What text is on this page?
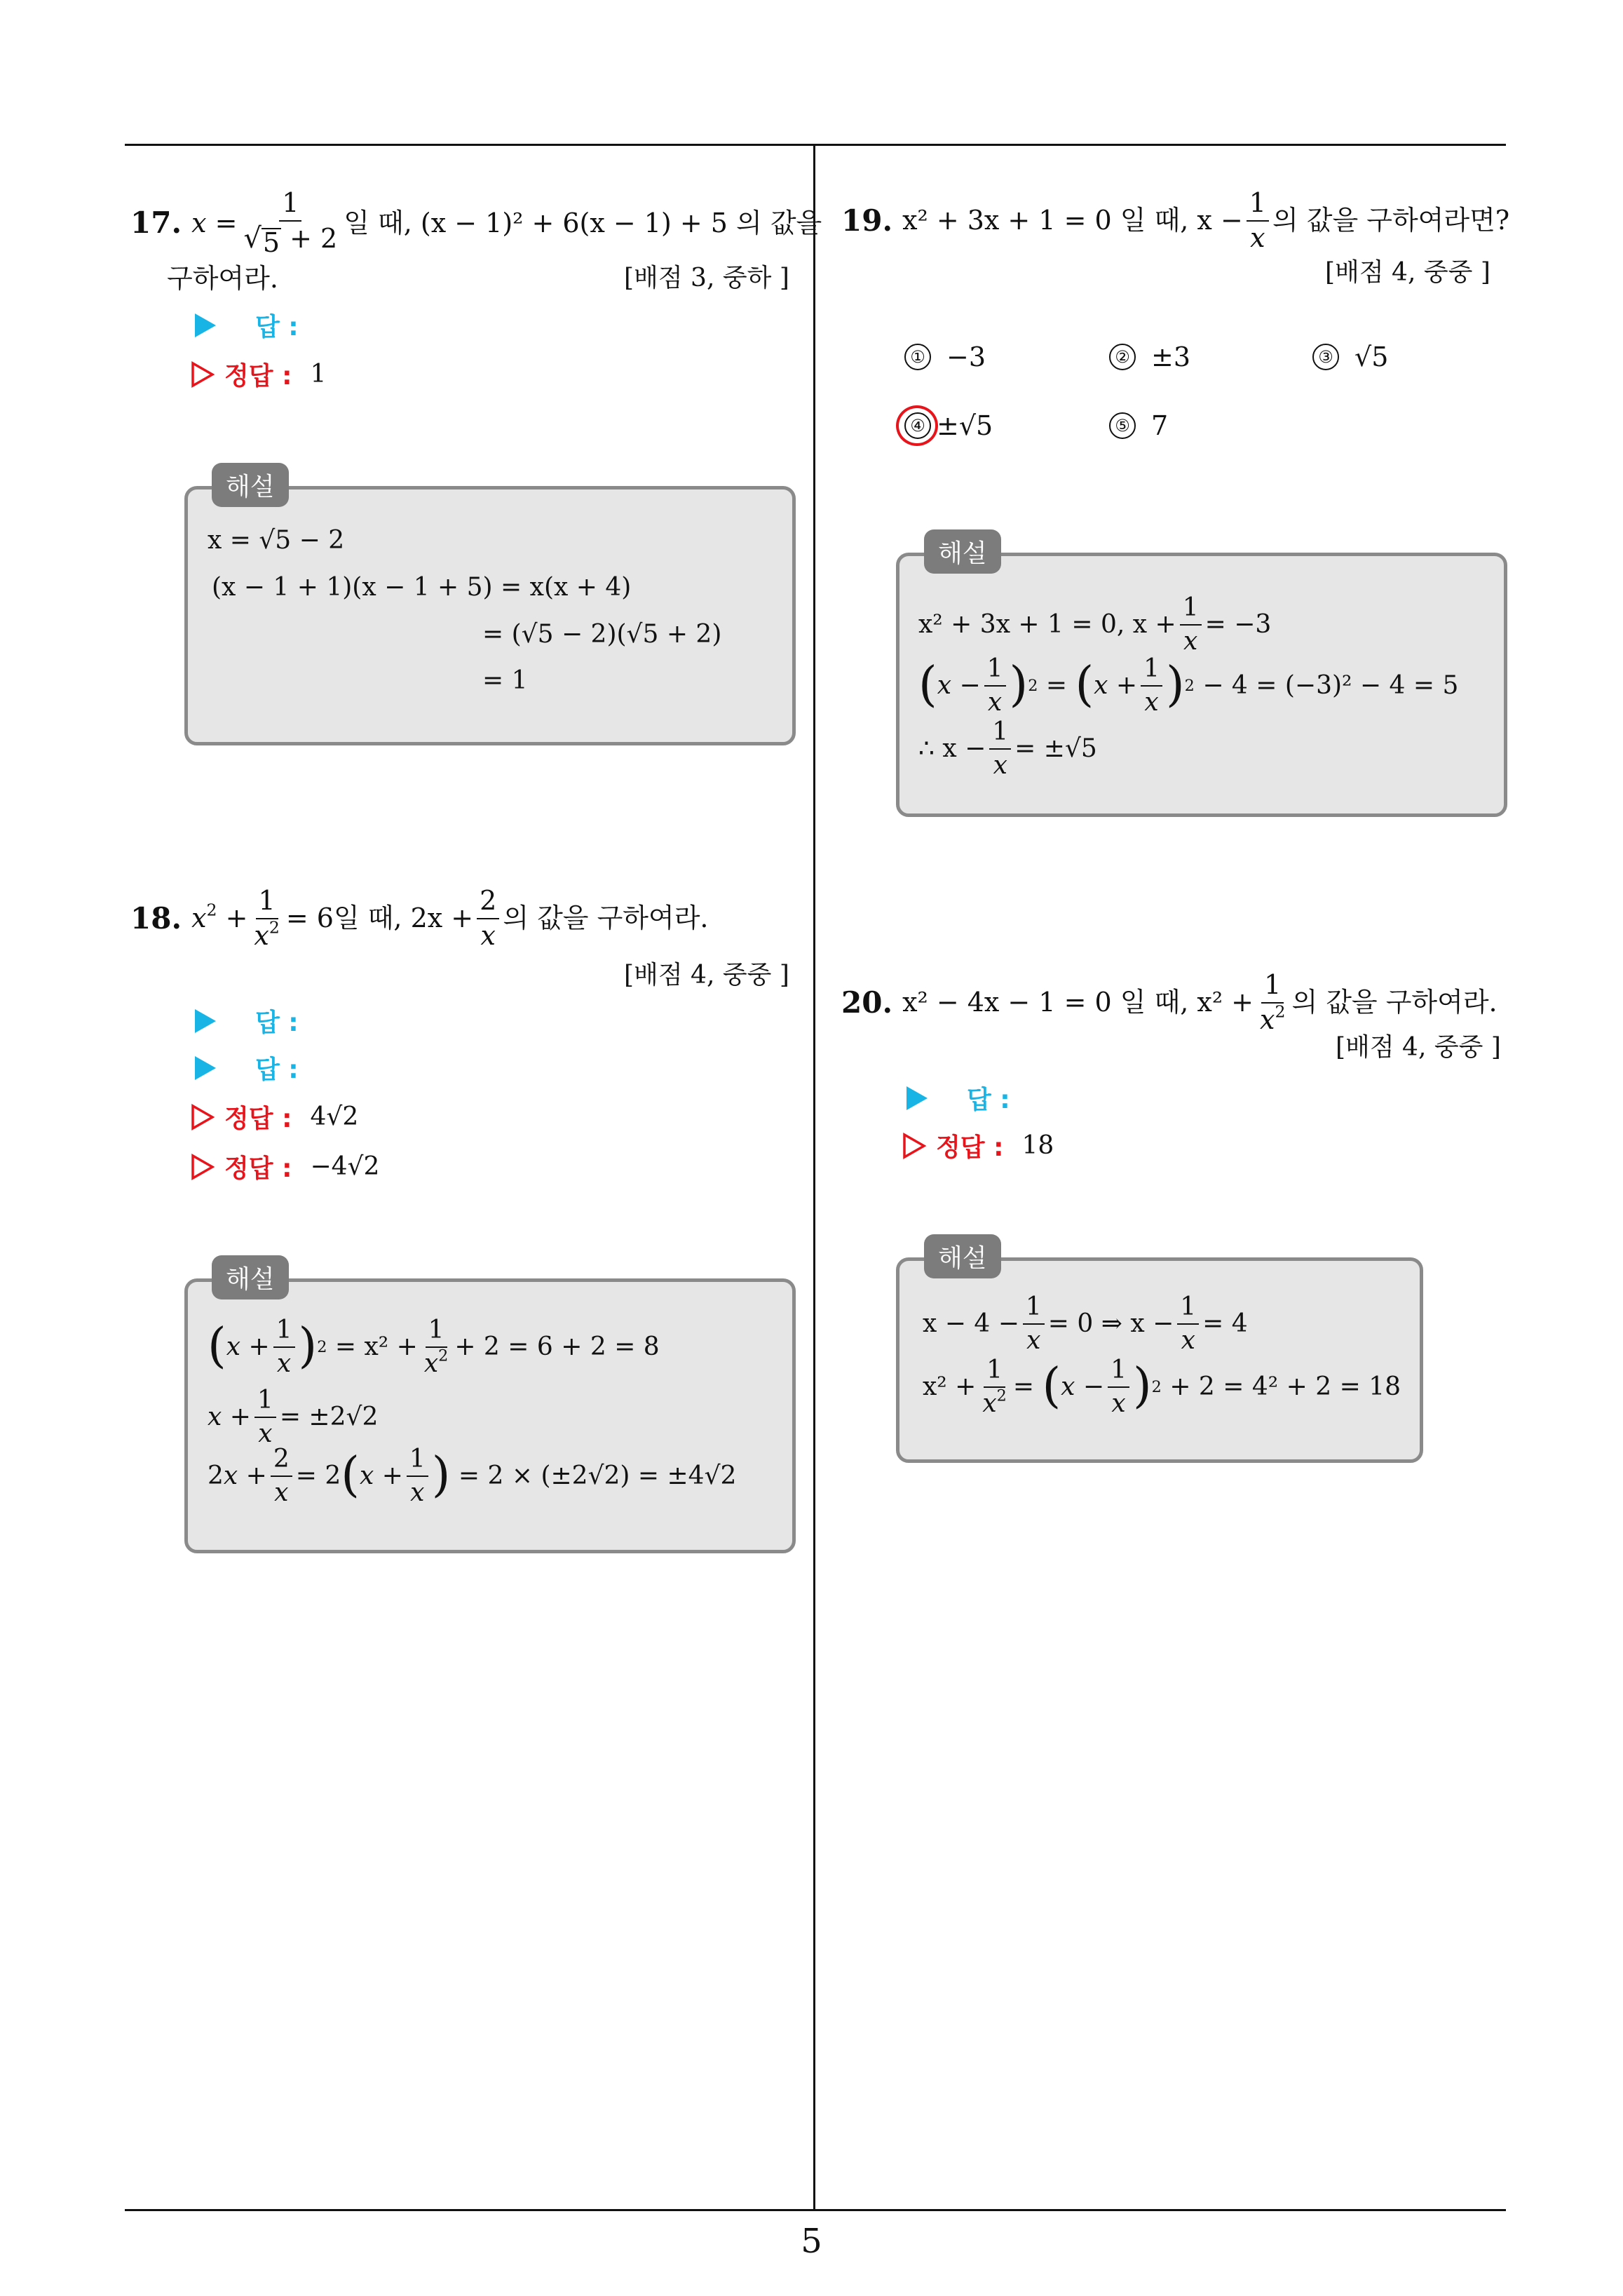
17. $x = \frac{1}{√ 5 + 2}$ 일 때, (x − 1)² + 6(x − 1) + 5 의 값을
구하여라.	[배점 3, 중하 ]
답 :
정답 : 1
해설
x = √5 − 2
(x − 1 + 1)(x − 1 + 5) = x(x + 4)
= (√5 − 2)(√5 + 2)
= 1
18. $x^2 + \frac{1}{x^2} = 6$일 때, $2x + \frac{2}{x}$ 의 값을 구하여라.
[배점 4, 중중 ]
답 :
답 :
정답 : 4√2
정답 : −4√2
해설
( $x + \frac{1}{x}$ ) 2
= $x^2 + \frac{1}{x^2} + 2 = 6 + 2 = 8$
$x + \frac{1}{x} = \pm 2√2$
2 $x + \frac{2}{x} = 2$ ( $x + \frac{1}{x}$ )
= 2 × (±2√2) = ±4√2
19. x² + 3x + 1 = 0 일 때, $x - \frac{1}{x}$ 의 값을 구하여라면?
[배점 4, 중중 ]
① −3	② ±3	③ √5
④ ±√5	⑤ 7
해설
x² + 3x + 1 = 0, $x + \frac{1}{x} = -3$
( $x - \frac{1}{x}$ ) 2 = ( $x + \frac{1}{x}$ ) 2
− 4 = (−3)² − 4 = 5
∴ $x - \frac{1}{x} = \pm√5$
20. x² − 4x − 1 = 0 일 때, $x^2 + \frac{1}{x^2}$ 의 값을 구하여라.
[배점 4, 중중 ]
답 :
정답 : 18
해설
$x - 4 - \frac{1}{x} = 0$ ⇒ $x - \frac{1}{x} = 4$
$x^2 + \frac{1}{x^2}$ = ( $x - \frac{1}{x}$ ) 2
+ 2 = 4² + 2 = 18
5
